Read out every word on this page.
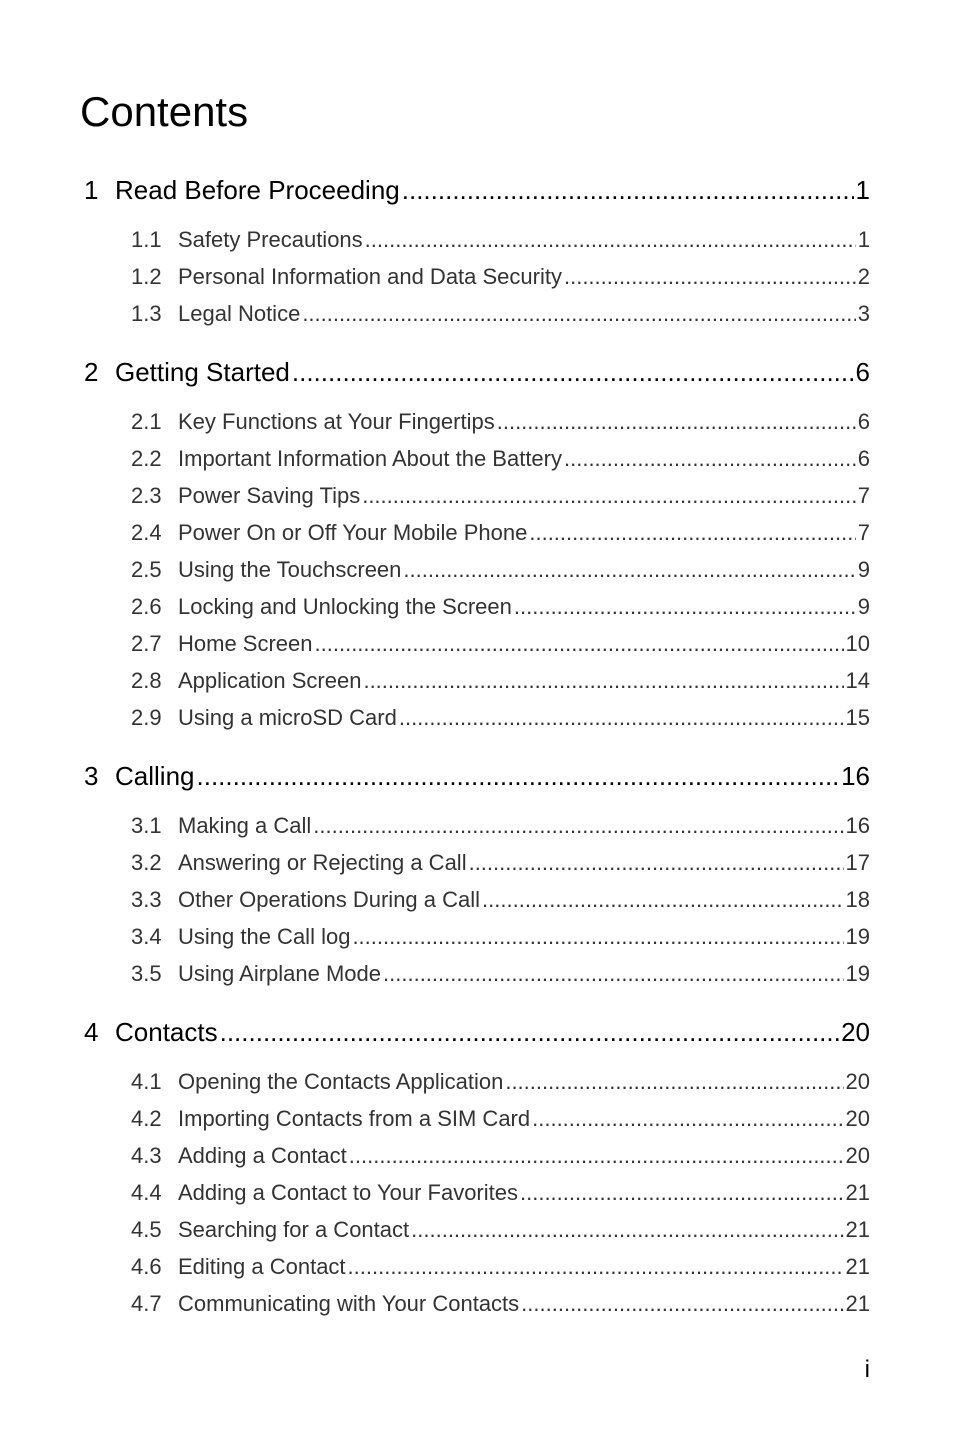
Contents
1 Read Before Proceeding .....	1
1.1 Safety Precautions .....	1
1.2 Personal Information and Data Security .....	2
1.3 Legal Notice .....	3
2 Getting Started .....	6
2.1 Key Functions at Your Fingertips .....	6
2.2 Important Information About the Battery .....	6
2.3 Power Saving Tips .....	7
2.4 Power On or Off Your Mobile Phone .....	7
2.5 Using the Touchscreen .....	9
2.6 Locking and Unlocking the Screen .....	9
2.7 Home Screen .....	10
2.8 Application Screen .....	14
2.9 Using a microSD Card .....	15
3 Calling .....	16
3.1 Making a Call .....	16
3.2 Answering or Rejecting a Call .....	17
3.3 Other Operations During a Call .....	18
3.4 Using the Call log .....	19
3.5 Using Airplane Mode .....	19
4 Contacts .....	20
4.1 Opening the Contacts Application .....	20
4.2 Importing Contacts from a SIM Card .....	20
4.3 Adding a Contact .....	20
4.4 Adding a Contact to Your Favorites .....	21
4.5 Searching for a Contact .....	21
4.6 Editing a Contact .....	21
4.7 Communicating with Your Contacts .....	21
i
